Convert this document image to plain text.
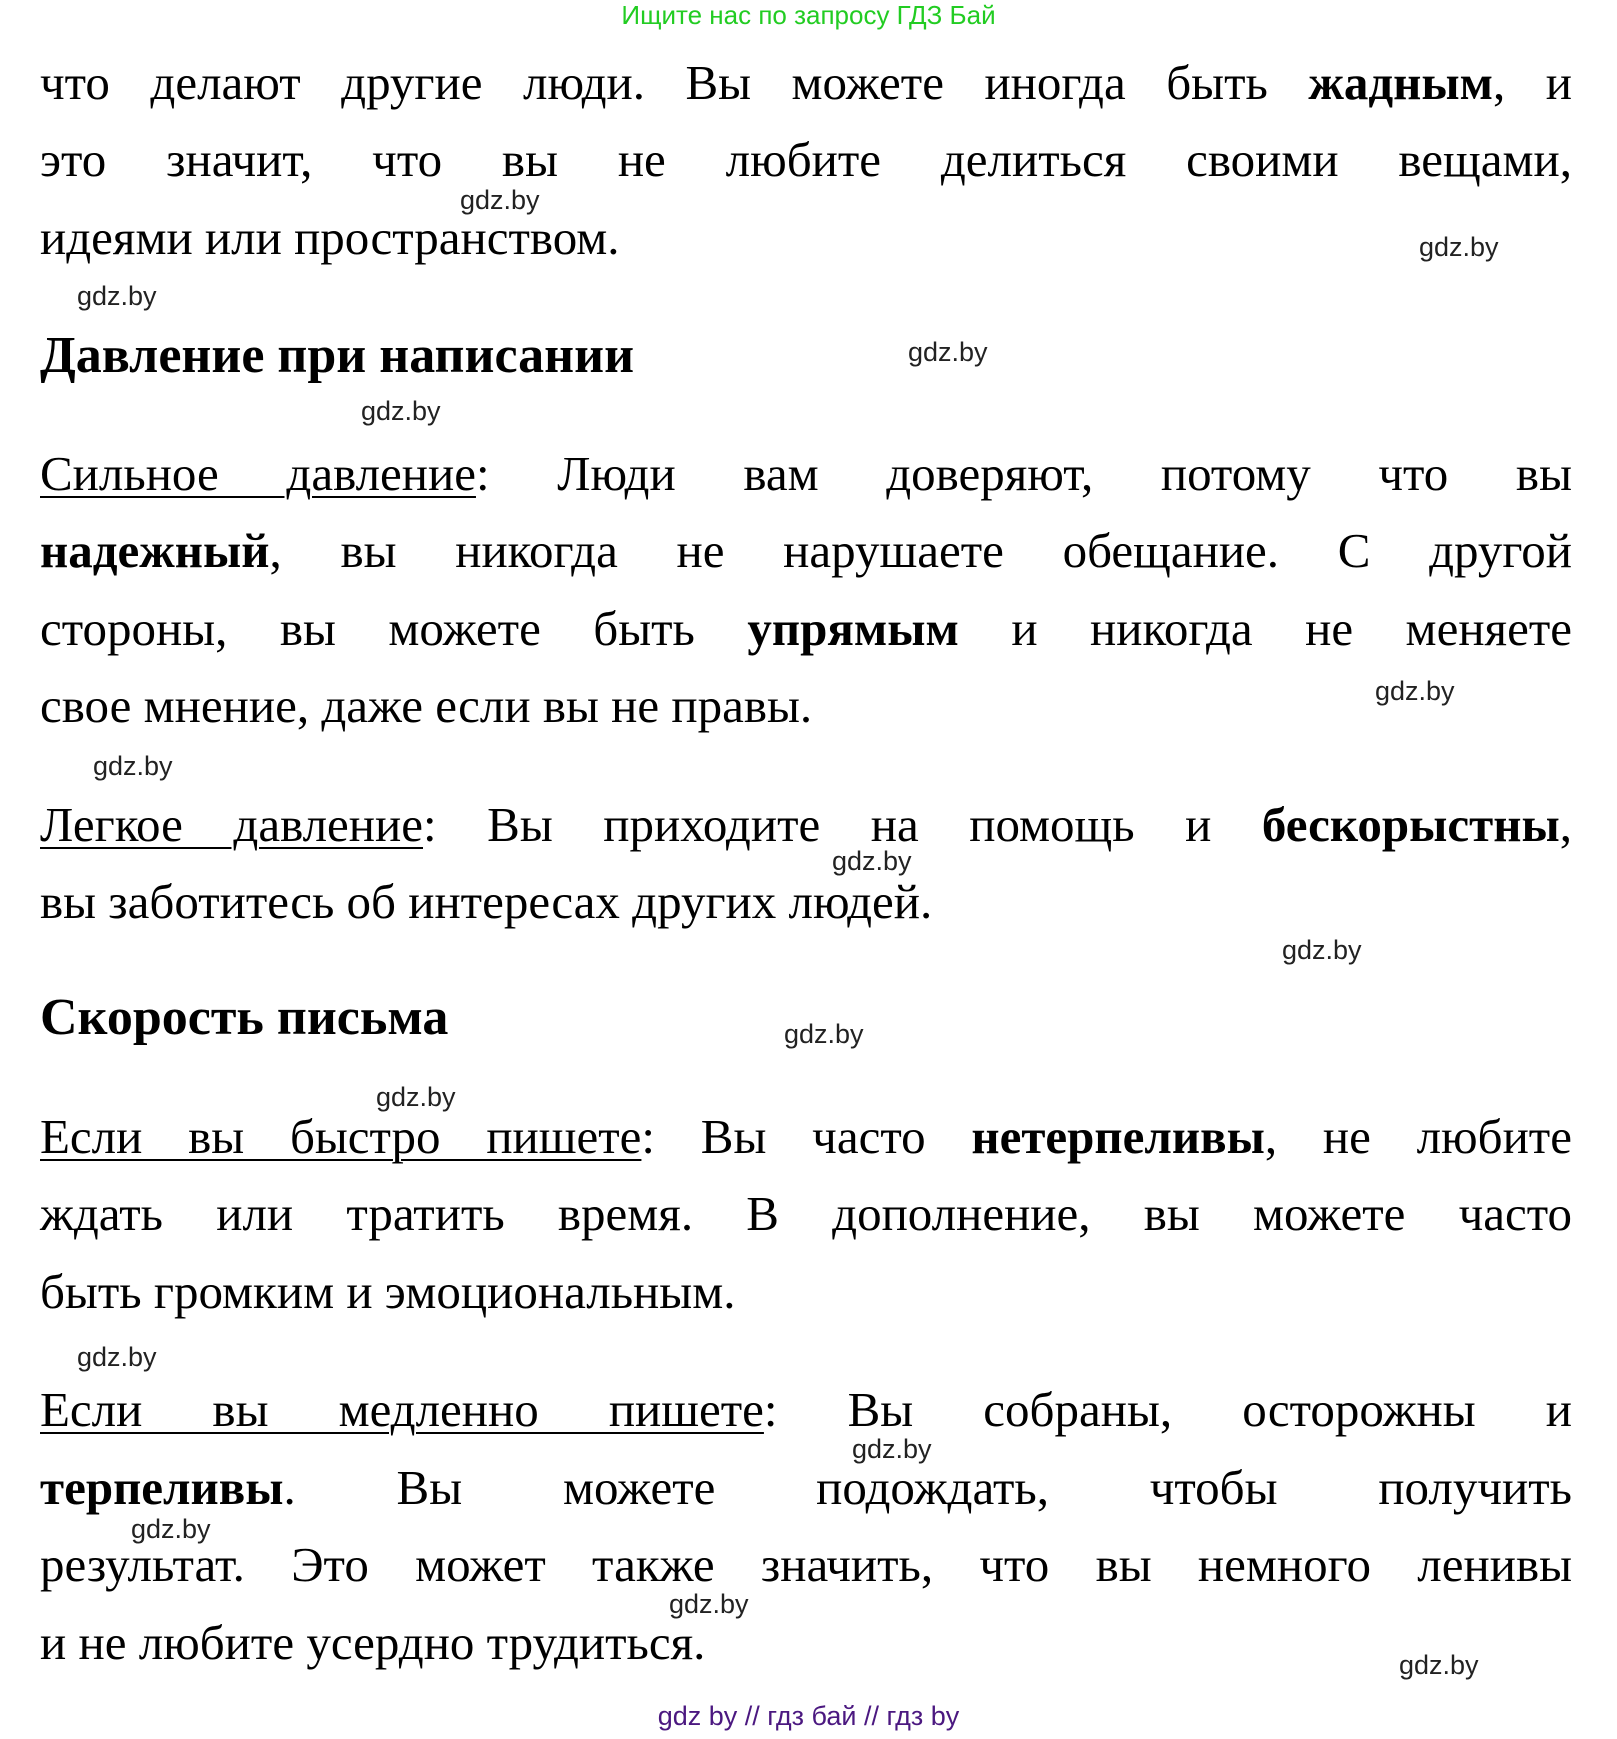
Ищите нас по запросу ГДЗ Бай
что делают другие люди. Вы можете иногда быть жадным, и
это значит, что вы не любите делиться своими вещами,
идеями или пространством.
Давление при написании
Сильное давление: Люди вам доверяют, потому что вы
надежный, вы никогда не нарушаете обещание. С другой
стороны, вы можете быть упрямым и никогда не меняете
свое мнение, даже если вы не правы.
Легкое давление: Вы приходите на помощь и бескорыстны,
вы заботитесь об интересах других людей.
Скорость письма
Если вы быстро пишете: Вы часто нетерпеливы, не любите
ждать или тратить время. В дополнение, вы можете часто
быть громким и эмоциональным.
Если вы медленно пишете: Вы собраны, осторожны и
терпеливы. Вы можете подождать, чтобы получить
результат. Это может также значить, что вы немного ленивы
и не любите усердно трудиться.
gdz.by
gdz.by
gdz.by
gdz.by
gdz.by
gdz.by
gdz.by
gdz.by
gdz.by
gdz.by
gdz.by
gdz.by
gdz.by
gdz.by
gdz.by
gdz.by
gdz by // гдз бай // гдз by
